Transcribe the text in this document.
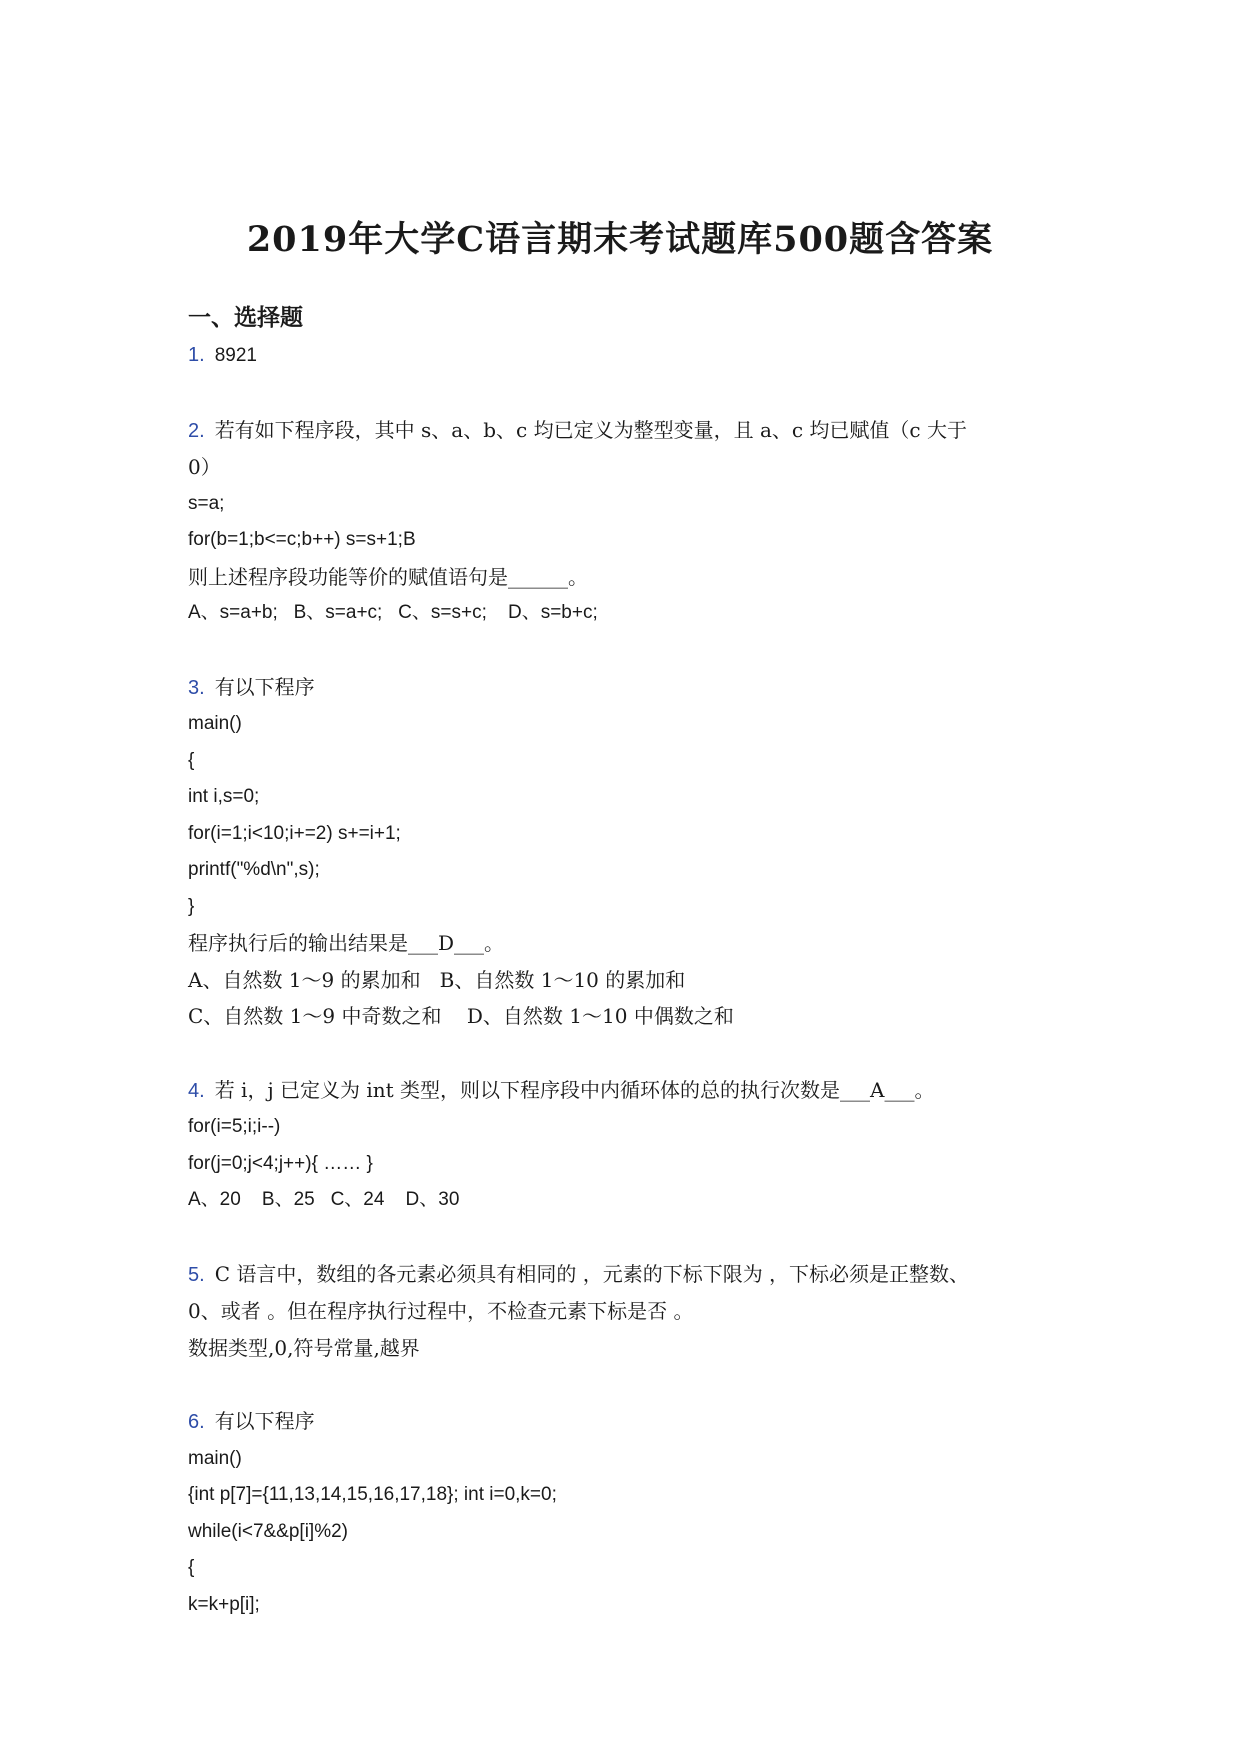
2019年大学C语言期末考试题库500题含答案
一、选择题
1. 8921
2. 若有如下程序段，其中 s、a、b、c 均已定义为整型变量，且 a、c 均已赋值（c 大于
0）
s=a;
for(b=1;b<=c;b++) s=s+1;B
则上述程序段功能等价的赋值语句是______。
A、s=a+b;   B、s=a+c;   C、s=s+c;    D、s=b+c;
3. 有以下程序
main()
{
int i,s=0;
for(i=1;i<10;i+=2) s+=i+1;
printf("%d\n",s);
}
程序执行后的输出结果是___D___。
A、自然数 1～9 的累加和   B、自然数 1～10 的累加和
C、自然数 1～9 中奇数之和    D、自然数 1～10 中偶数之和
4. 若 i，j 已定义为 int 类型，则以下程序段中内循环体的总的执行次数是___A___。
for(i=5;i;i--)
for(j=0;j<4;j++){ …… }
A、20    B、25   C、24    D、30
5. C 语言中，数组的各元素必须具有相同的 ，元素的下标下限为 ，下标必须是正整数、
0、或者 。但在程序执行过程中，不检查元素下标是否 。
数据类型,0,符号常量,越界
6. 有以下程序
main()
{int p[7]={11,13,14,15,16,17,18}; int i=0,k=0;
while(i<7&&p[i]%2)
{
k=k+p[i];
